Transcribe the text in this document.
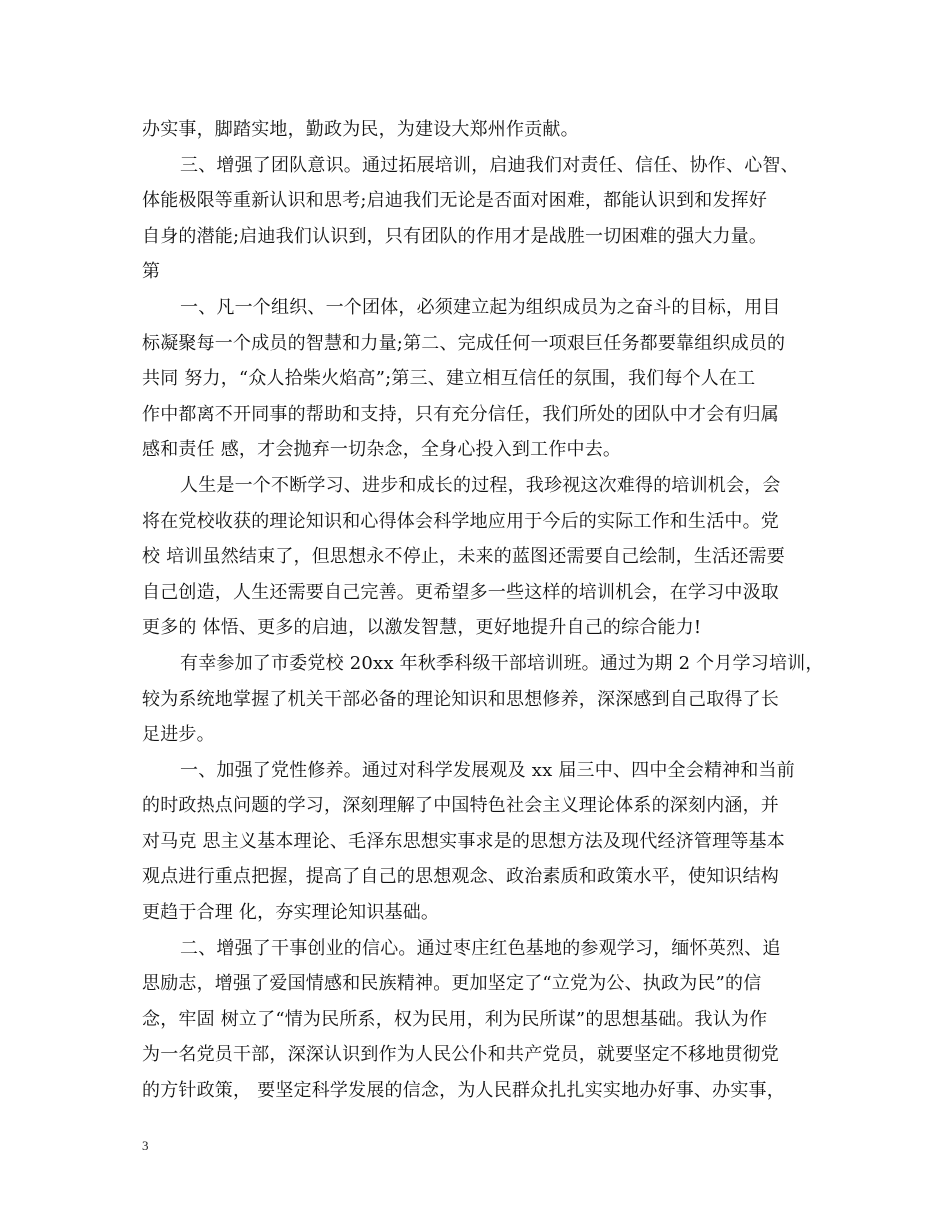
办实事，脚踏实地，勤政为民，为建设大郑州作贡献。
三、增强了团队意识。通过拓展培训，启迪我们对责任、信任、协作、心智、
体能极限等重新认识和思考;启迪我们无论是否面对困难，都能认识到和发挥好
自身的潜能;启迪我们认识到，只有团队的作用才是战胜一切困难的强大力量。
第
一、凡一个组织、一个团体，必须建立起为组织成员为之奋斗的目标，用目
标凝聚每一个成员的智慧和力量;第二、完成任何一项艰巨任务都要靠组织成员的
共同 努力，“众人拾柴火焰高”;第三、建立相互信任的氛围，我们每个人在工
作中都离不开同事的帮助和支持，只有充分信任，我们所处的团队中才会有归属
感和责任 感，才会抛弃一切杂念，全身心投入到工作中去。
人生是一个不断学习、进步和成长的过程，我珍视这次难得的培训机会，会
将在党校收获的理论知识和心得体会科学地应用于今后的实际工作和生活中。党
校 培训虽然结束了，但思想永不停止，未来的蓝图还需要自己绘制，生活还需要
自己创造，人生还需要自己完善。更希望多一些这样的培训机会，在学习中汲取
更多的 体悟、更多的启迪，以激发智慧，更好地提升自己的综合能力!
有幸参加了市委党校 20xx 年秋季科级干部培训班。通过为期 2 个月学习培训，
较为系统地掌握了机关干部必备的理论知识和思想修养，深深感到自己取得了长
足进步。
一、加强了党性修养。通过对科学发展观及 xx 届三中、四中全会精神和当前
的时政热点问题的学习，深刻理解了中国特色社会主义理论体系的深刻内涵，并
对马克 思主义基本理论、毛泽东思想实事求是的思想方法及现代经济管理等基本
观点进行重点把握，提高了自己的思想观念、政治素质和政策水平，使知识结构
更趋于合理 化，夯实理论知识基础。
二、增强了干事创业的信心。通过枣庄红色基地的参观学习，缅怀英烈、追
思励志，增强了爱国情感和民族精神。更加坚定了“立党为公、执政为民”的信
念，牢固 树立了“情为民所系，权为民用，利为民所谋”的思想基础。我认为作
为一名党员干部，深深认识到作为人民公仆和共产党员，就要坚定不移地贯彻党
的方针政策， 要坚定科学发展的信念，为人民群众扎扎实实地办好事、办实事，
3
